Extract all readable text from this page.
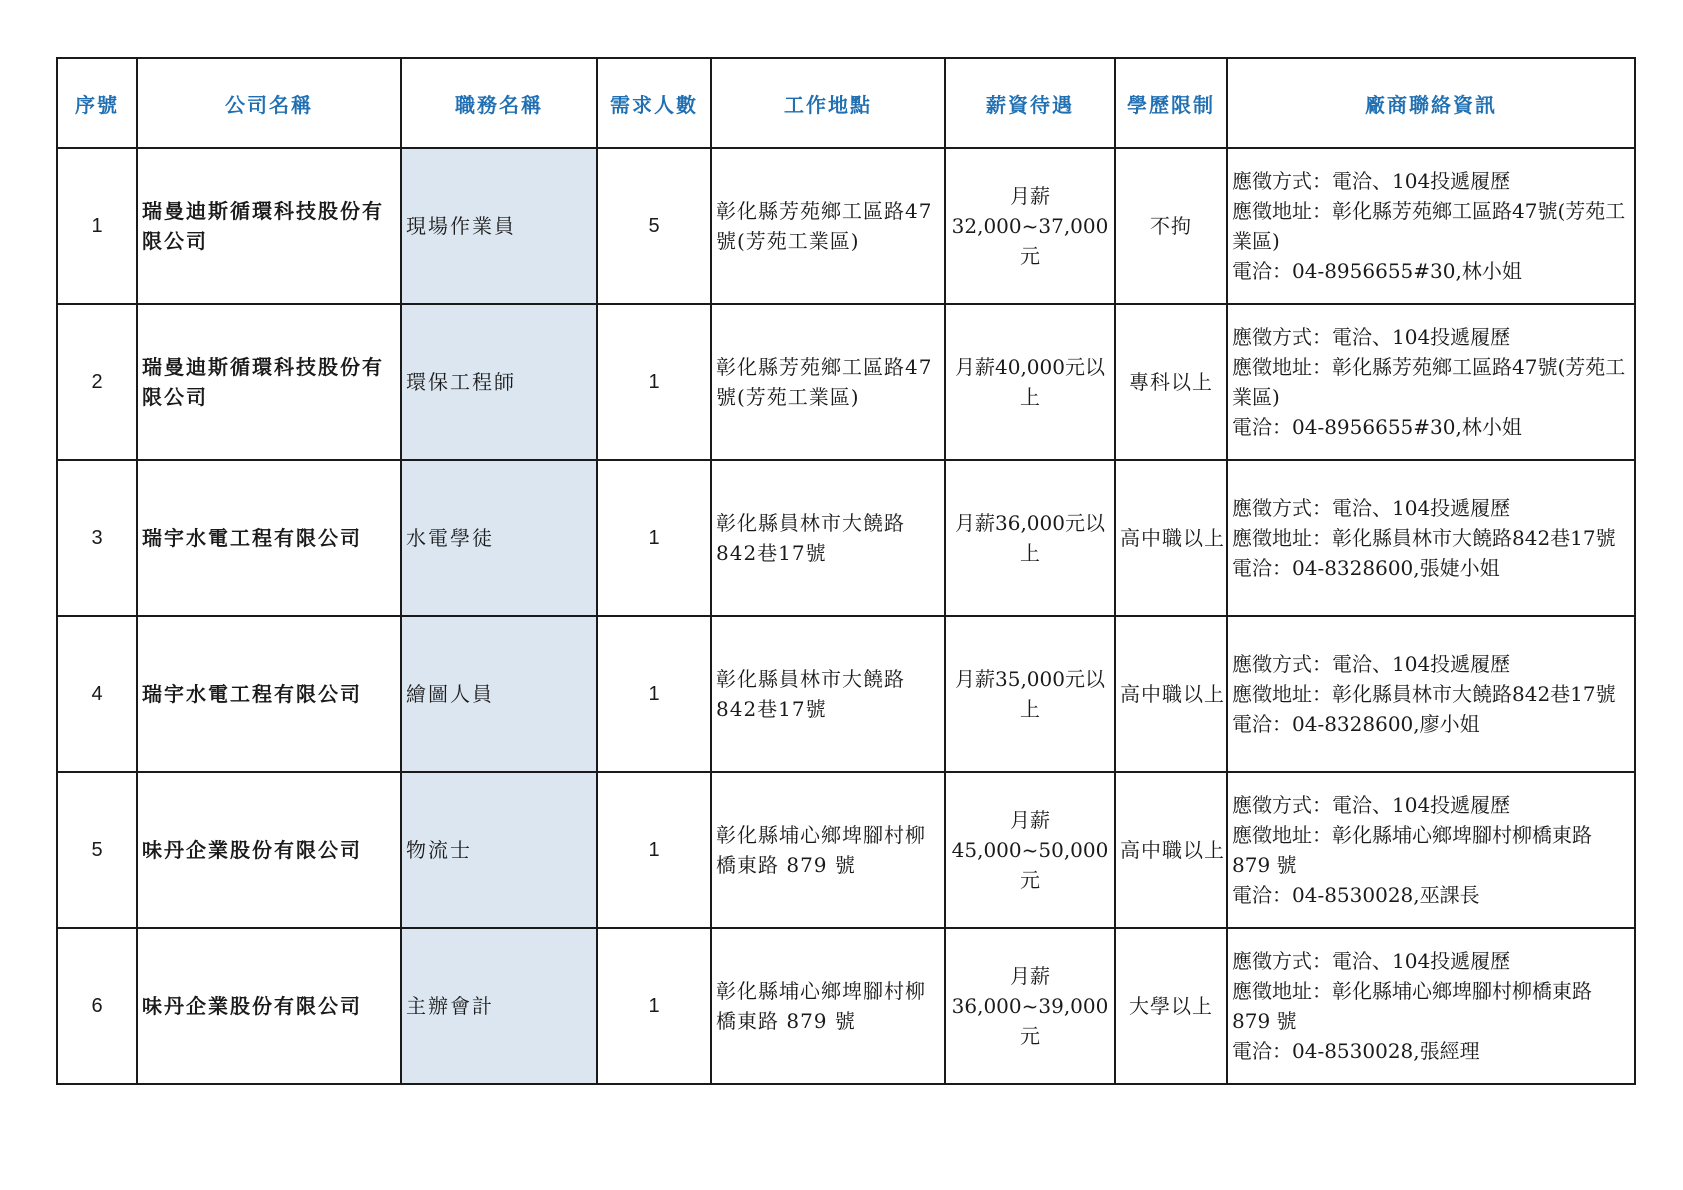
序號	公司名稱	職務名稱	需求人數	工作地點	薪資待遇	學歷限制	廠商聯絡資訊
1	瑞曼迪斯循環科技股份有限公司	現場作業員	5	彰化縣芳苑鄉工區路47號(芳苑工業區)	月薪32,000~37,000元	不拘	應徵方式：電洽、104投遞履歷
應徵地址：彰化縣芳苑鄉工區路47號(芳苑工業區)
電洽：04-8956655#30,林小姐

2	瑞曼迪斯循環科技股份有限公司	環保工程師	1	彰化縣芳苑鄉工區路47號(芳苑工業區)	月薪40,000元以上	專科以上	應徵方式：電洽、104投遞履歷
應徵地址：彰化縣芳苑鄉工區路47號(芳苑工業區)
電洽：04-8956655#30,林小姐

3	瑞宇水電工程有限公司	水電學徒	1	彰化縣員林市大饒路842巷17號	月薪36,000元以上	高中職以上	應徵方式：電洽、104投遞履歷
應徵地址：彰化縣員林市大饒路842巷17號
電洽：04-8328600,張婕小姐

4	瑞宇水電工程有限公司	繪圖人員	1	彰化縣員林市大饒路842巷17號	月薪35,000元以上	高中職以上	應徵方式：電洽、104投遞履歷
應徵地址：彰化縣員林市大饒路842巷17號
電洽：04-8328600,廖小姐

5	味丹企業股份有限公司	物流士	1	彰化縣埔心鄉埤腳村柳橋東路 879 號	月薪45,000~50,000元	高中職以上	應徵方式：電洽、104投遞履歷
應徵地址：彰化縣埔心鄉埤腳村柳橋東路 879 號
電洽：04-8530028,巫課長

6	味丹企業股份有限公司	主辦會計	1	彰化縣埔心鄉埤腳村柳橋東路 879 號	月薪36,000~39,000元	大學以上	應徵方式：電洽、104投遞履歷
應徵地址：彰化縣埔心鄉埤腳村柳橋東路 879 號
電洽：04-8530028,張經理
